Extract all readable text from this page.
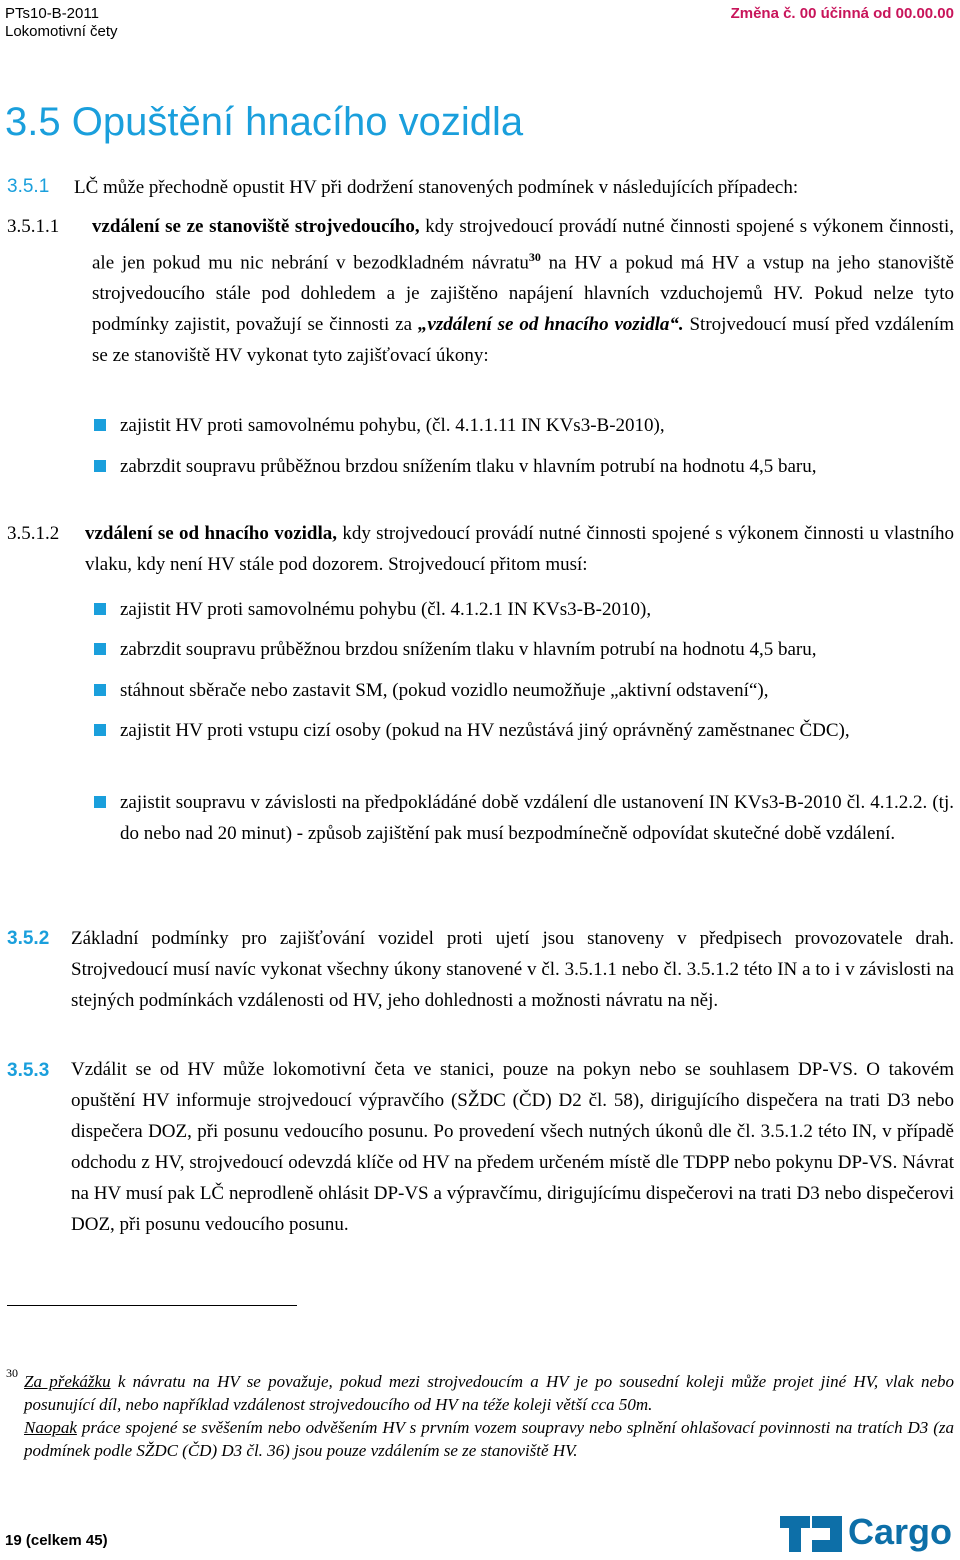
PTs10-B-2011
Lokomotivní čety
Změna č. 00 účinná od 00.00.00
3.5 Opuštění hnacího vozidla
3.5.1 LČ může přechodně opustit HV při dodržení stanovených podmínek v následujících případech:
3.5.1.1 vzdálení se ze stanoviště strojvedoucího, kdy strojvedoucí provádí nutné činnosti spojené s výkonem činnosti, ale jen pokud mu nic nebrání v bezodkladném návratu$^{30}$ na HV a pokud má HV a vstup na jeho stanoviště strojvedoucího stále pod dohledem a je zajištěno napájení hlavních vzduchojemů HV. Pokud nelze tyto podmínky zajistit, považují se činnosti za „vzdálení se od hnacího vozidla“. Strojvedoucí musí před vzdálením se ze stanoviště HV vykonat tyto zajišťovací úkony:
zajistit HV proti samovolnému pohybu, (čl. 4.1.1.11 IN KVs3-B-2010),
zabrzdit soupravu průběžnou brzdou snížením tlaku v hlavním potrubí na hodnotu 4,5 baru,
3.5.1.2 vzdálení se od hnacího vozidla, kdy strojvedoucí provádí nutné činnosti spojené s výkonem činnosti u vlastního vlaku, kdy není HV stále pod dozorem. Strojvedoucí přitom musí:
zajistit HV proti samovolnému pohybu (čl. 4.1.2.1 IN KVs3-B-2010),
zabrzdit soupravu průběžnou brzdou snížením tlaku v hlavním potrubí na hodnotu 4,5 baru,
stáhnout sběrače nebo zastavit SM, (pokud vozidlo neumožňuje „aktivní odstavení“),
zajistit HV proti vstupu cizí osoby (pokud na HV nezůstává jiný oprávněný zaměstnanec ČDC),
zajistit soupravu v závislosti na předpokládáné době vzdálení dle ustanovení IN KVs3-B-2010 čl. 4.1.2.2. (tj. do nebo nad 20 minut) - způsob zajištění pak musí bezpodmínečně odpovídat skutečné době vzdálení.
3.5.2 Základní podmínky pro zajišťování vozidel proti ujetí jsou stanoveny v předpisech provozovatele drah. Strojvedoucí musí navíc vykonat všechny úkony stanovené v čl. 3.5.1.1 nebo čl. 3.5.1.2 této IN a to i v závislosti na stejných podmínkách vzdálenosti od HV, jeho dohlednosti a možnosti návratu na něj.
3.5.3 Vzdálit se od HV může lokomotivní četa ve stanici, pouze na pokyn nebo se souhlasem DP-VS. O takovém opuštění HV informuje strojvedoucí výpravčího (SŽDC (ČD) D2 čl. 58), dirigujícího dispečera na trati D3 nebo dispečera DOZ, při posunu vedoucího posunu. Po provedení všech nutných úkonů dle čl. 3.5.1.2 této IN, v případě odchodu z HV, strojvedoucí odevzdá klíče od HV na předem určeném místě dle TDPP nebo pokynu DP-VS. Návrat na HV musí pak LČ neprodleně ohlásit DP-VS a výpravčímu, dirigujícímu dispečerovi na trati D3 nebo dispečerovi DOZ, při posunu vedoucího posunu.
30 Za překážku k návratu na HV se považuje, pokud mezi strojvedoucím a HV je po sousední koleji může projet jiné HV, vlak nebo posunující díl, nebo například vzdálenost strojvedoucího od HV na téže koleji větší cca 50m.
Naopak práce spojené se svěšením nebo odvěšením HV s prvním vozem soupravy nebo splnění ohlašovací povinnosti na tratích D3 (za podmínek podle SŽDC (ČD) D3 čl. 36) jsou pouze vzdálením se ze stanoviště HV.
19 (celkem 45)	Cargo
